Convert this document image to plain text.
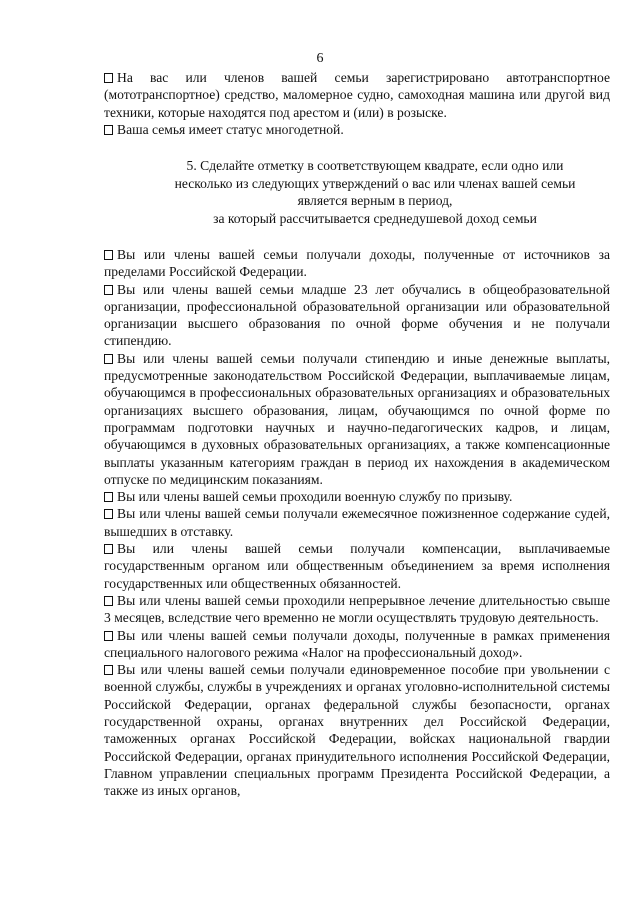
6

На вас или членов вашей семьи зарегистрировано автотранспортное (мототранспортное) средство, маломерное судно, самоходная машина или другой вид техники, которые находятся под арестом и (или) в розыске.

Ваша семья имеет статус многодетной.

5. Сделайте отметку в соответствующем квадрате, если одно или
несколько из следующих утверждений о вас или членах вашей семьи
является верным в период,
за который рассчитывается среднедушевой доход семьи

Вы или члены вашей семьи получали доходы, полученные от источников за пределами Российской Федерации.

Вы или члены вашей семьи младше 23 лет обучались в общеобразовательной организации, профессиональной образовательной организации или образовательной организации высшего образования по очной форме обучения и не получали стипендию.

Вы или члены вашей семьи получали стипендию и иные денежные выплаты, предусмотренные законодательством Российской Федерации, выплачиваемые лицам, обучающимся в профессиональных образовательных организациях и образовательных организациях высшего образования, лицам, обучающимся по очной форме по программам подготовки научных и научно-педагогических кадров, и лицам, обучающимся в духовных образовательных организациях, а также компенсационные выплаты указанным категориям граждан в период их нахождения в академическом отпуске по медицинским показаниям.

Вы или члены вашей семьи проходили военную службу по призыву.

Вы или члены вашей семьи получали ежемесячное пожизненное содержание судей, вышедших в отставку.

Вы или члены вашей семьи получали компенсации, выплачиваемые государственным органом или общественным объединением за время исполнения государственных или общественных обязанностей.

Вы или члены вашей семьи проходили непрерывное лечение длительностью свыше 3 месяцев, вследствие чего временно не могли осуществлять трудовую деятельность.

Вы или члены вашей семьи получали доходы, полученные в рамках применения специального налогового режима «Налог на профессиональный доход».

Вы или члены вашей семьи получали единовременное пособие при увольнении с военной службы, службы в учреждениях и органах уголовно-исполнительной системы Российской Федерации, органах федеральной службы безопасности, органах государственной охраны, органах внутренних дел Российской Федерации, таможенных органах Российской Федерации, войсках национальной гвардии Российской Федерации, органах принудительного исполнения Российской Федерации, Главном управлении специальных программ Президента Российской Федерации, а также из иных органов,
